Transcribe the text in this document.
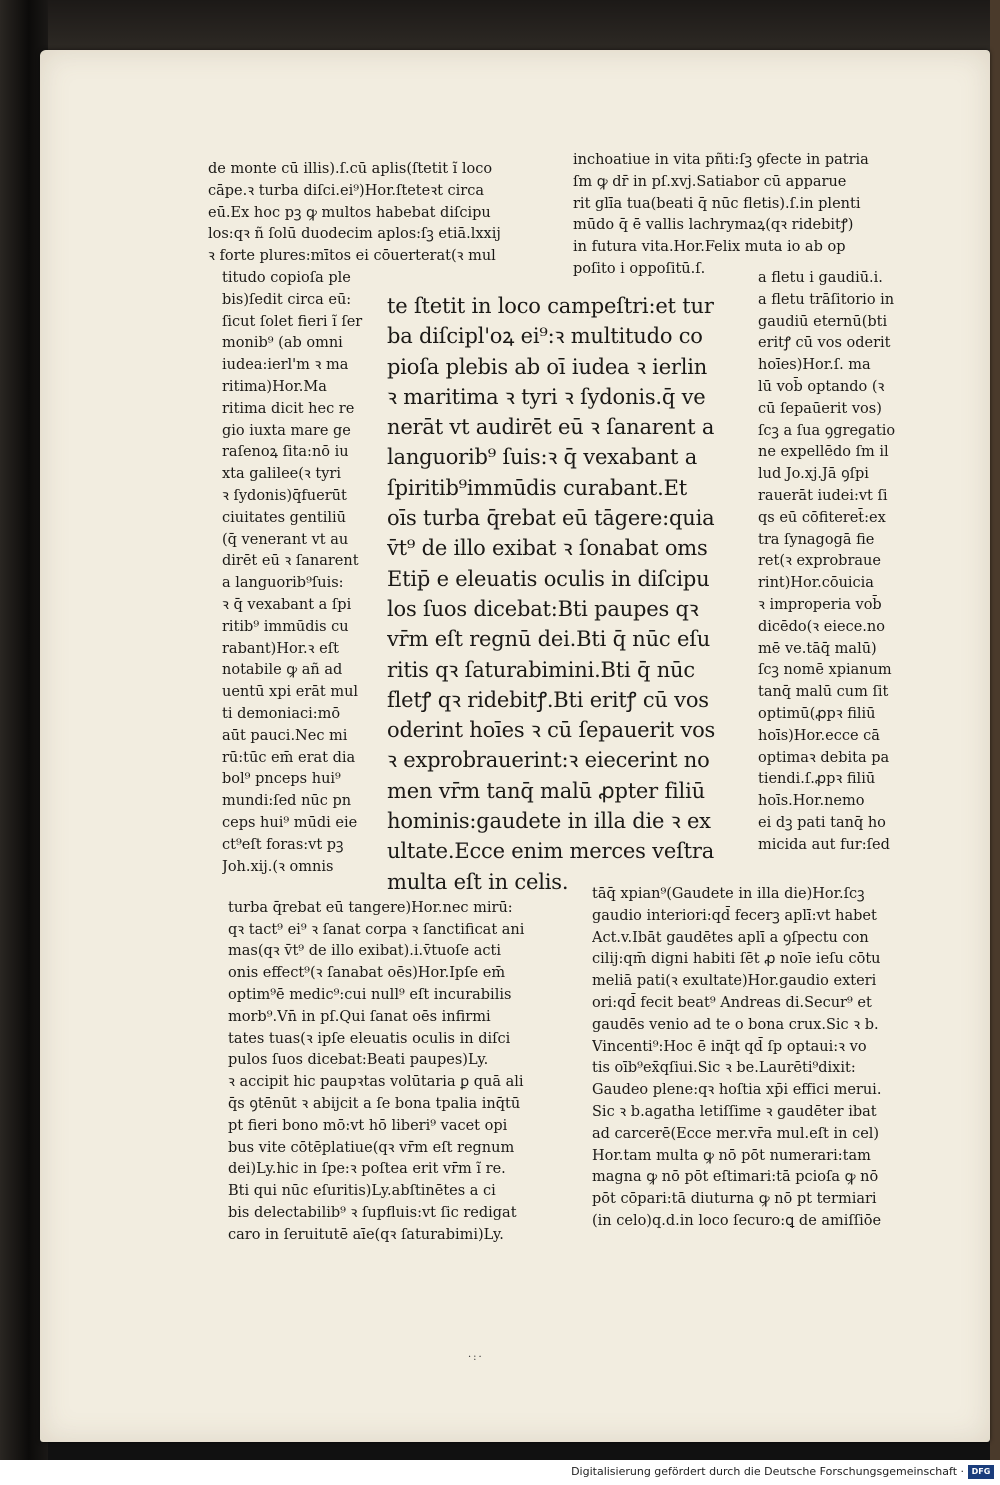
de monte cū illis).ſ.cū aplis(ſtetit ĩ loco
cāpe.ꝛ turba diſci.ei⁹)Hor.ſteteꝛt circa
eū.Ex hoc pꝫ ꝙ multos habebat diſcipu
los:qꝛ ñ ſolū duodecim aplos:ſꝫ etiā.lxxij
ꝛ forte plures:mītos ei cōuerterat(ꝛ mul
inchoatiue in vita pñti:ſꝫ ꝯfecte in patria
ſm ꝙ dr̄ in pſ.xvj.Satiabor cū apparue
rit glīa tua(beati q̄ nūc fletis).ſ.in plenti
mūdo q̄ ē vallis lachrymaꝝ(qꝛ ridebitꝭ)
in futura vita.Hor.Felix muta io ab op
poſito i oppoſitū.ſ.
titudo copioſa ple
bis)ſedit circa eū:
ſicut ſolet fieri ĩ ſer
monib⁹ (ab omni
iudea:ierl'm ꝛ ma
ritima)Hor.Ma
ritima dicit hec re
gio iuxta mare ge
raſenoꝝ ſita:nō iu
xta galilee(ꝛ tyri
ꝛ ſydonis)q̄fuerūt
ciuitates gentiliū
(q̄ venerant vt au
dirēt eū ꝛ ſanarent
a languorib⁹ſuis:
ꝛ q̄ vexabant a ſpi
ritib⁹ immūdis cu
rabant)Hor.ꝛ eſt
notabile ꝙ añ ad
uentū xpi erāt mul
ti demoniaci:mō
aūt pauci.Nec mi
rū:tūc em̄ erat dia
bol⁹ pnceps hui⁹
mundi:ſed nūc pn
ceps hui⁹ mūdi eie
ct⁹eſt foras:vt pꝫ
Joh.xij.(ꝛ omnis
te ſtetit in loco campeſtri:et tur
ba diſcipl'oꝝ ei⁹:ꝛ multitudo co
pioſa plebis ab oī iudea ꝛ ierlin
ꝛ maritima ꝛ tyri ꝛ ſydonis.q̄ ve
nerāt vt audirēt eū ꝛ ſanarent a
languorib⁹ ſuis:ꝛ q̄ vexabant a
ſpiritib⁹immūdis curabant.Et
oīs turba q̄rebat eū tāgere:quia
v̄t⁹ de illo exibat ꝛ ſonabat oms
Etip̄ e eleuatis oculis in diſcipu
los ſuos dicebat:Bti paupes qꝛ
vr̄m eſt regnū dei.Bti q̄ nūc eſu
ritis qꝛ ſaturabimini.Bti q̄ nūc
fletꝭ qꝛ ridebitꝭ.Bti eritꝭ cū vos
oderint hoīes ꝛ cū ſepauerit vos
ꝛ exprobrauerint:ꝛ eiecerint no
men vr̄m tanq̄ malū ꝓpter filiū
hominis:gaudete in illa die ꝛ ex
ultate.Ecce enim merces veſtra
multa eſt in celis.
a fletu i gaudiū.i.
a fletu trāſitorio in
gaudiū eternū(bti
eritꝭ cū vos oderit
hoīes)Hor.ſ. ma
lū vob̄ optando (ꝛ
cū ſepaūerit vos)
ſcꝫ a ſua ꝯgregatio
ne expellēdo ſm il
lud Jo.xj.Jā ꝯſpi
rauerāt iudei:vt ſi
qs eū cōfiteret̄:ex
tra ſynagogā fie
ret(ꝛ exprobraue
rint)Hor.cōuicia
ꝛ improperia vob̄
dicēdo(ꝛ eiece.no
mē ve.tāq̄ malū)
ſcꝫ nomē xpianum
tanq̄ malū cum ſit
optimū(ꝓpꝛ filiū
hoīs)Hor.ecce cā
optimaꝛ debita pa
tiendi.ſ.ꝓpꝛ filiū
hoīs.Hor.nemo
ei dꝫ pati tanq̄ ho
micida aut fur:ſed

turba q̄rebat eū tangere)Hor.nec mirū:
qꝛ tact⁹ ei⁹ ꝛ ſanat corpa ꝛ ſanctificat ani
mas(qꝛ v̄t⁹ de illo exibat).i.v̄tuoſe acti
onis effect⁹(ꝛ ſanabat oēs)Hor.Ipſe em̄
optim⁹ē medic⁹:cui null⁹ eſt incurabilis
morb⁹.Vn̄ in pſ.Qui ſanat oēs infirmi
tates tuas(ꝛ ipſe eleuatis oculis in diſci
pulos ſuos dicebat:Beati paupes)Ly.
ꝛ accipit hic paupꝛtas volūtaria ꝑ quā ali
q̄s ꝯtēnūt ꝛ abijcit a ſe bona tpalia inq̄tū
pt fieri bono mō:vt hō liberi⁹ vacet opi
bus vite cōtēplatiue(qꝛ vr̄m eſt regnum
dei)Ly.hic in ſpe:ꝛ poſtea erit vr̄m ĩ re.
Bti qui nūc eſuritis)Ly.abſtinētes a ci
bis delectabilib⁹ ꝛ ſupfluis:vt ſic redigat
caro in ſeruitutē aīe(qꝛ ſaturabimi)Ly.
tāq̄ xpian⁹(Gaudete in illa die)Hor.ſcꝫ
gaudio interiori:qd̄ fecerꝫ aplī:vt habet
Act.v.Ibāt gaudētes aplī a ꝯſpectu con
cilij:qm̄ digni habiti ſēt ꝓ noīe ieſu cōtu
meliā pati(ꝛ exultate)Hor.gaudio exteri
ori:qd̄ fecit beat⁹ Andreas di.Secur⁹ et
gaudēs venio ad te o bona crux.Sic ꝛ b.
Vincenti⁹:Hoc ē inq̄t qd̄ ſp optaui:ꝛ vo
tis oīb⁹ex̄qſiui.Sic ꝛ be.Laurēti⁹dixit:
Gaudeo plene:qꝛ hoſtia xp̄i effici merui.
Sic ꝛ b.agatha letiſſime ꝛ gaudēter ibat
ad carcerē(Ecce mer.vr̄a mul.eſt in cel)
Hor.tam multa ꝙ nō pōt numerari:tam
magna ꝙ nō pōt eſtimari:tā pcioſa ꝙ nō
pōt cōpari:tā diuturna ꝙ nō pt termiari
(in celo)q.d.in loco ſecuro:ꝗ de amiſſiōe
·:·
Digitalisierung gefördert durch die Deutsche Forschungsgemeinschaft · DFG
